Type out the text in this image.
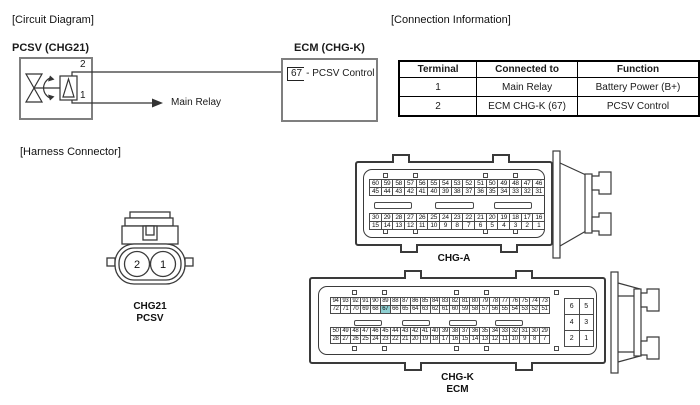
[Circuit Diagram]	[Connection Information]
[Harness Connector]
PCSV (CHG21)	ECM (CHG-K)
2
1
Main Relay
67 - PCSV Control	Terminal	Connected to	Function
1	Main Relay	Battery Power (B+)
2	ECM CHG-K (67)	PCSV Control
2 1
CHG21
PCSV
60 59 58 57 56 55 54 53 52 51 50 49 48 47 46
45 44 43 42 41 40 39 38 37 36 35 34 33 32 31
30 29 28 27 26 25 24 23 22 21 20 19 18 17 16
15 14 13 12 11 10	9	8	7	6	5	4	3	2	1
CHG-A
94 93 92 91 90 89 88 87 86 85 84 83 82 81 80 79 78 77 76 75 74 73
72 71 70 69 68 67 66 65 64 63 62 61 60 59 58 57 56 55 54 53 52 51
50 49 48 47 46 45 44 43 42 41 40 39 38 37 36 35 34 33 32 31 30 29
28 27 26 25 24 23 22 21 20 19 18 17 16 15 14 13 12 11 10 9	8	7
6	5
4	3
2	1
CHG-K
ECM
